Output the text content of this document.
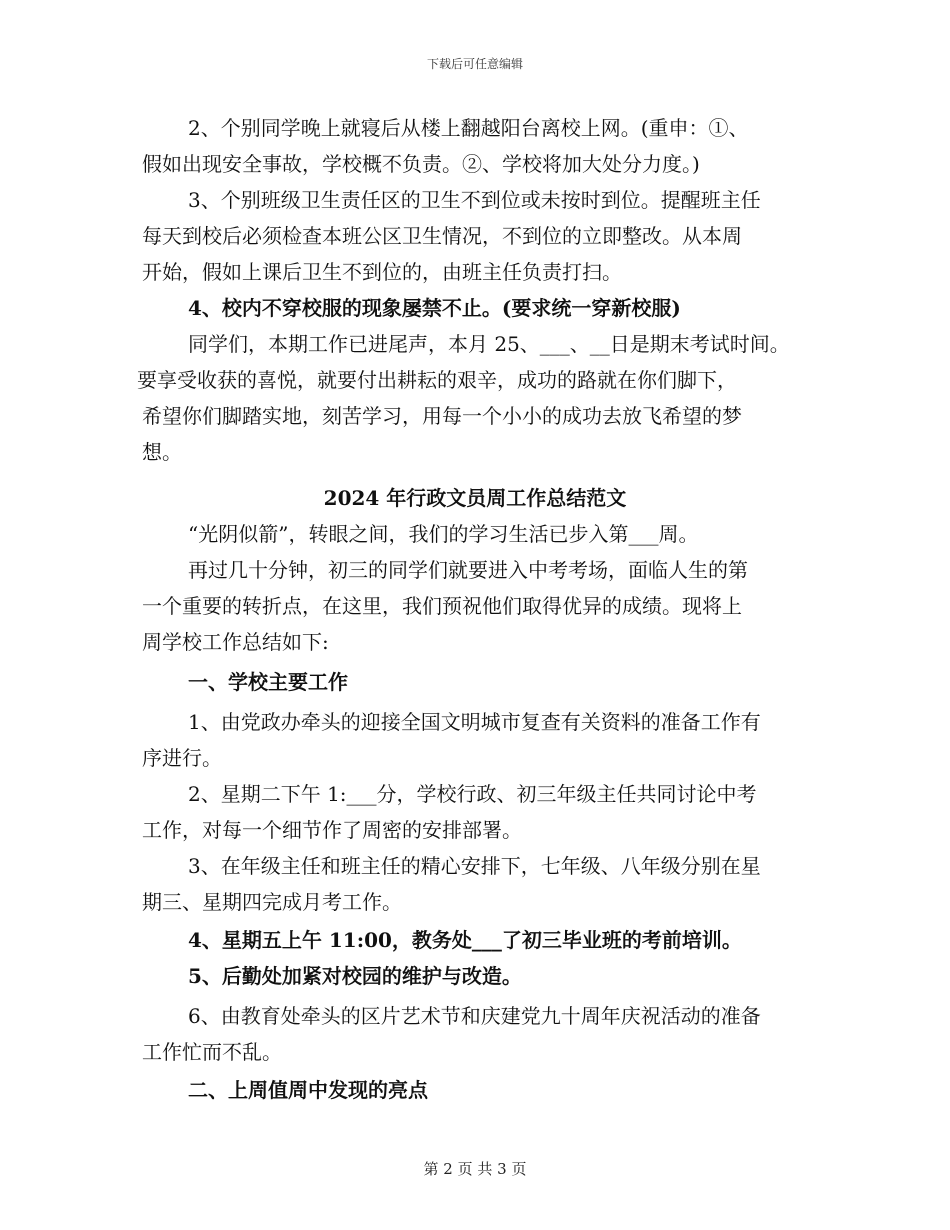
下载后可任意编辑
2、个别同学晚上就寝后从楼上翻越阳台离校上网。(重申：①、
假如出现安全事故，学校概不负责。②、学校将加大处分力度。)
3、个别班级卫生责任区的卫生不到位或未按时到位。提醒班主任
每天到校后必须检查本班公区卫生情况，不到位的立即整改。从本周
开始，假如上课后卫生不到位的，由班主任负责打扫。
4、校内不穿校服的现象屡禁不止。(要求统一穿新校服)
同学们，本期工作已进尾声，本月 25、___、__日是期末考试时间。
要享受收获的喜悦，就要付出耕耘的艰辛，成功的路就在你们脚下，
希望你们脚踏实地，刻苦学习，用每一个小小的成功去放飞希望的梦
想。
2024 年行政文员周工作总结范文
“光阴似箭”，转眼之间，我们的学习生活已步入第___周。
再过几十分钟，初三的同学们就要进入中考考场，面临人生的第
一个重要的转折点，在这里，我们预祝他们取得优异的成绩。现将上
周学校工作总结如下:
一、学校主要工作
1、由党政办牵头的迎接全国文明城市复查有关资料的准备工作有
序进行。
2、星期二下午 1:___分，学校行政、初三年级主任共同讨论中考
工作，对每一个细节作了周密的安排部署。
3、在年级主任和班主任的精心安排下，七年级、八年级分别在星
期三、星期四完成月考工作。
4、星期五上午 11:00，教务处___了初三毕业班的考前培训。
5、后勤处加紧对校园的维护与改造。
6、由教育处牵头的区片艺术节和庆建党九十周年庆祝活动的准备
工作忙而不乱。
二、上周值周中发现的亮点
第 2 页 共 3 页
